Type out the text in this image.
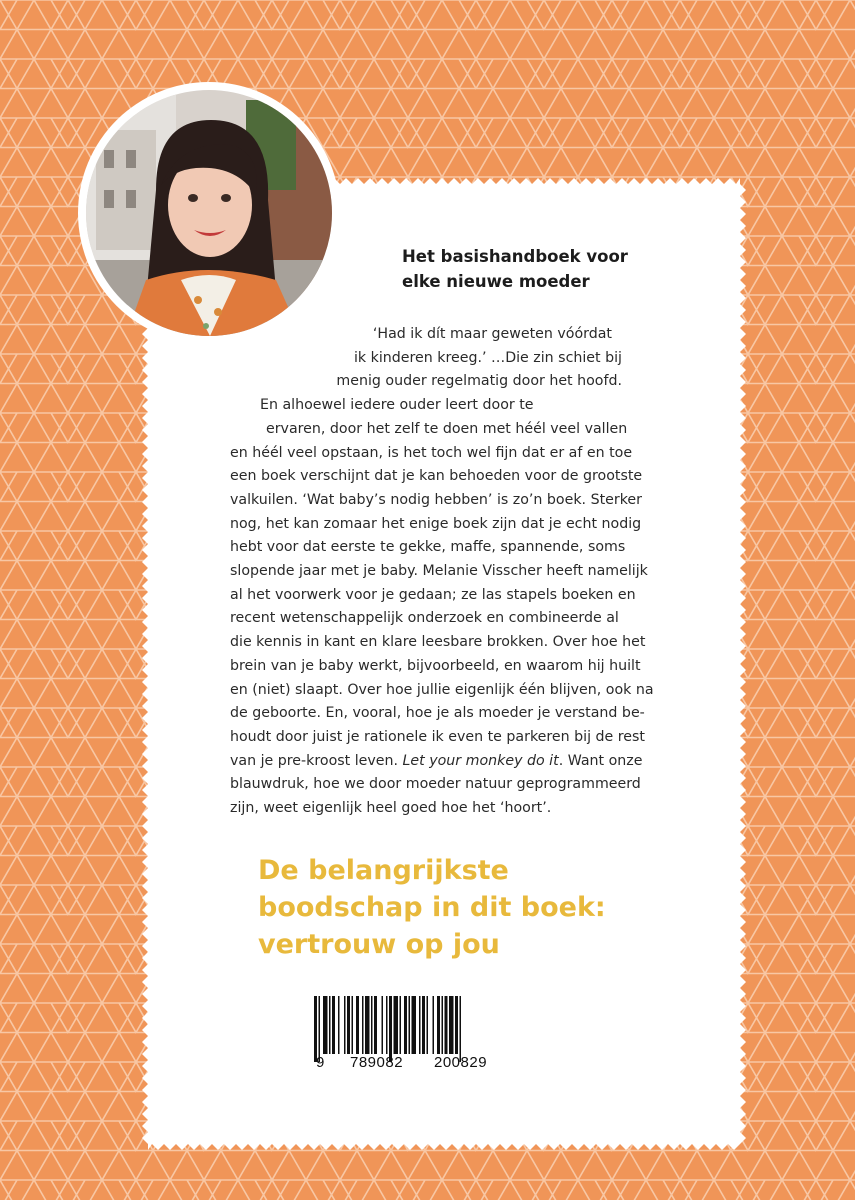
Het basishandboek voor
elke nieuwe moeder
‘Had ik dít maar geweten vóórdat
ik kinderen kreeg.’ …Die zin schiet bij
menig ouder regelmatig door het hoofd.
En alhoewel iedere ouder leert door te
ervaren, door het zelf te doen met héél veel vallen
en héél veel opstaan, is het toch wel fijn dat er af en toe
een boek verschijnt dat je kan behoeden voor de grootste
valkuilen. ‘Wat baby’s nodig hebben’ is zo’n boek. Sterker
nog, het kan zomaar het enige boek zijn dat je echt nodig
hebt voor dat eerste te gekke, maffe, spannende, soms
slopende jaar met je baby. Melanie Visscher heeft namelijk
al het voorwerk voor je gedaan; ze las stapels boeken en
recent wetenschappelijk onderzoek en combineerde al
die kennis in kant en klare leesbare brokken. Over hoe het
brein van je baby werkt, bijvoorbeeld, en waarom hij huilt
en (niet) slaapt. Over hoe jullie eigenlijk één blijven, ook na
de geboorte. En, vooral, hoe je als moeder je verstand be-
houdt door juist je rationele ik even te parkeren bij de rest
van je pre-kroost leven. Let your monkey do it. Want onze
blauwdruk, hoe we door moeder natuur geprogrammeerd
zijn, weet eigenlijk heel goed hoe het ‘hoort’.
De belangrijkste
boodschap in dit boek:
vertrouw op jou
9 789082 200829
